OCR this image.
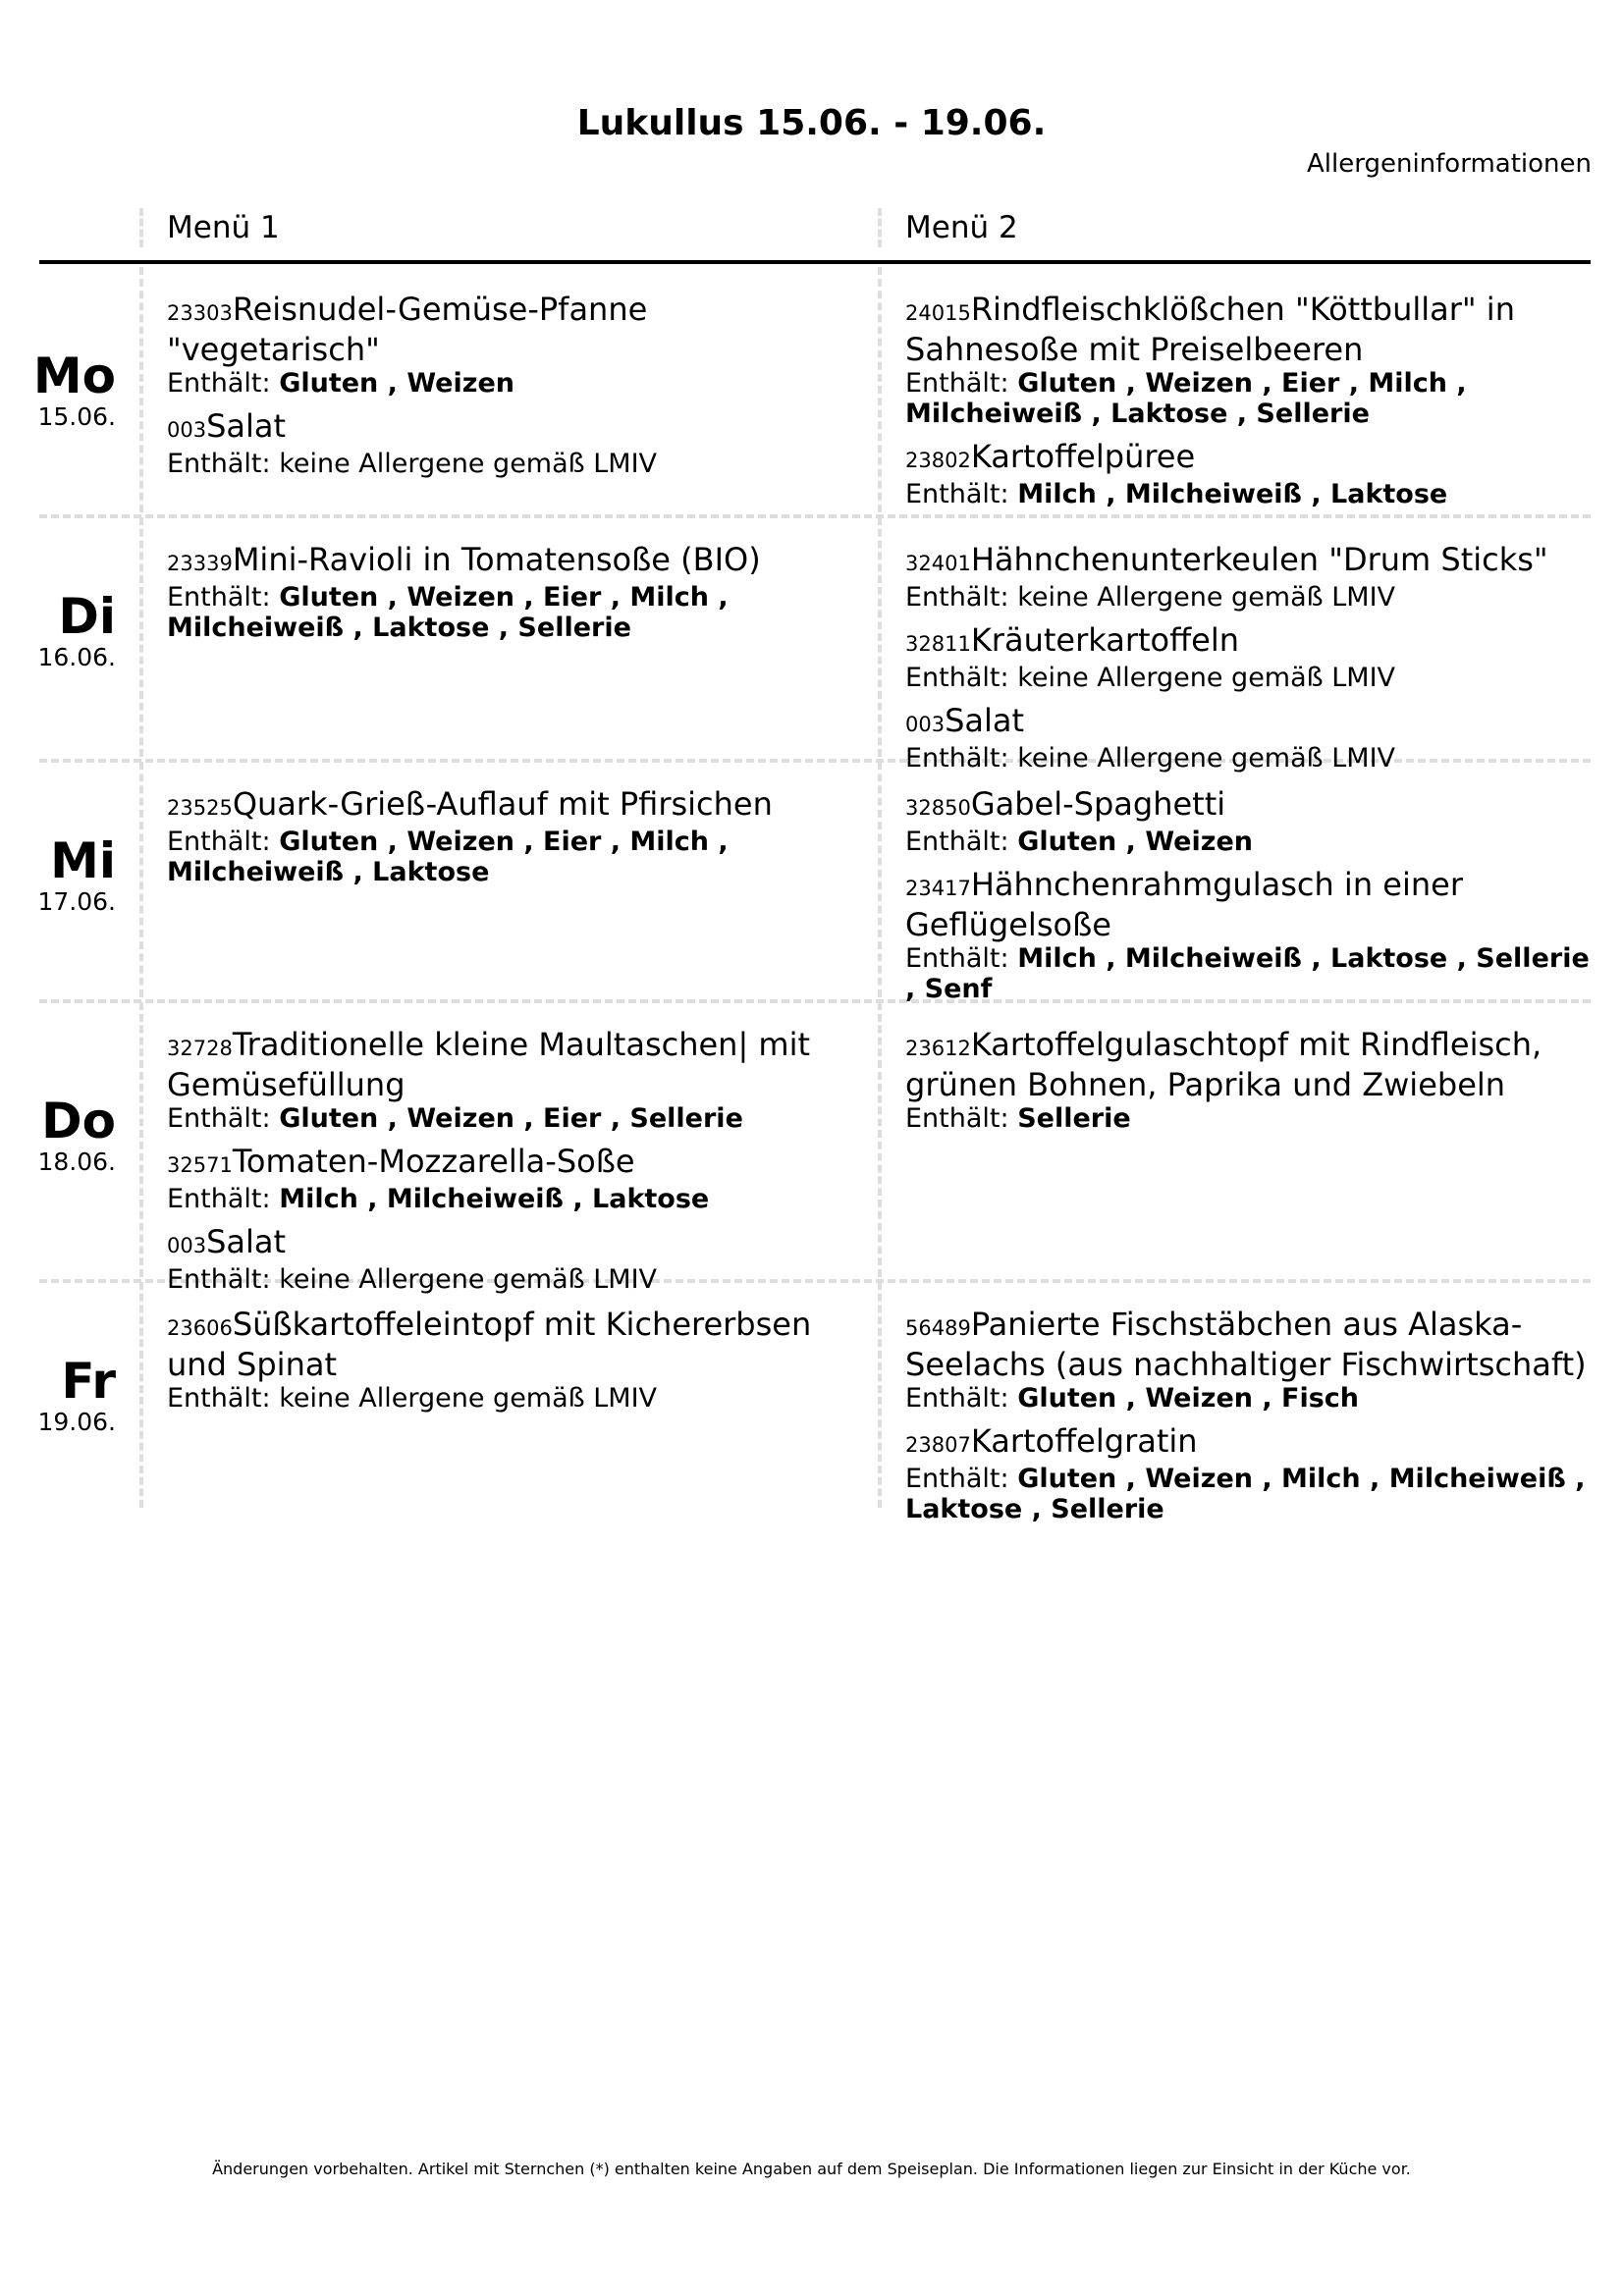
Lukullus 15.06. - 19.06.
Allergeninformationen
Menü 1	Menü 2
Mo
15.06.
23303Reisnudel-Gemüse-Pfanne "vegetarisch"
Enthält: Gluten , Weizen
003Salat
Enthält: keine Allergene gemäß LMIV
24015Rindfleischklößchen "Köttbullar" in Sahnesoße mit Preiselbeeren
Enthält: Gluten , Weizen , Eier , Milch , Milcheiweiß , Laktose , Sellerie
23802Kartoffelpüree
Enthält: Milch , Milcheiweiß , Laktose
Di
16.06.
23339Mini-Ravioli in Tomatensoße (BIO)
Enthält: Gluten , Weizen , Eier , Milch , Milcheiweiß , Laktose , Sellerie
32401Hähnchenunterkeulen "Drum Sticks"
Enthält: keine Allergene gemäß LMIV
32811Kräuterkartoffeln
Enthält: keine Allergene gemäß LMIV
003Salat
Enthält: keine Allergene gemäß LMIV
Mi
17.06.
23525Quark-Grieß-Auflauf mit Pfirsichen
Enthält: Gluten , Weizen , Eier , Milch , Milcheiweiß , Laktose
32850Gabel-Spaghetti
Enthält: Gluten , Weizen
23417Hähnchenrahmgulasch in einer Geflügelsoße
Enthält: Milch , Milcheiweiß , Laktose , Sellerie , Senf
Do
18.06.
32728Traditionelle kleine Maultaschen| mit Gemüsefüllung
Enthält: Gluten , Weizen , Eier , Sellerie
32571Tomaten-Mozzarella-Soße
Enthält: Milch , Milcheiweiß , Laktose
003Salat
Enthält: keine Allergene gemäß LMIV
23612Kartoffelgulaschtopf mit Rindfleisch, grünen Bohnen, Paprika und Zwiebeln
Enthält: Sellerie
Fr
19.06.
23606Süßkartoffeleintopf mit Kichererbsen und Spinat
Enthält: keine Allergene gemäß LMIV
56489Panierte Fischstäbchen aus Alaska-Seelachs (aus nachhaltiger Fischwirtschaft)
Enthält: Gluten , Weizen , Fisch
23807Kartoffelgratin
Enthält: Gluten , Weizen , Milch , Milcheiweiß , Laktose , Sellerie
Änderungen vorbehalten. Artikel mit Sternchen (*) enthalten keine Angaben auf dem Speiseplan. Die Informationen liegen zur Einsicht in der Küche vor.
